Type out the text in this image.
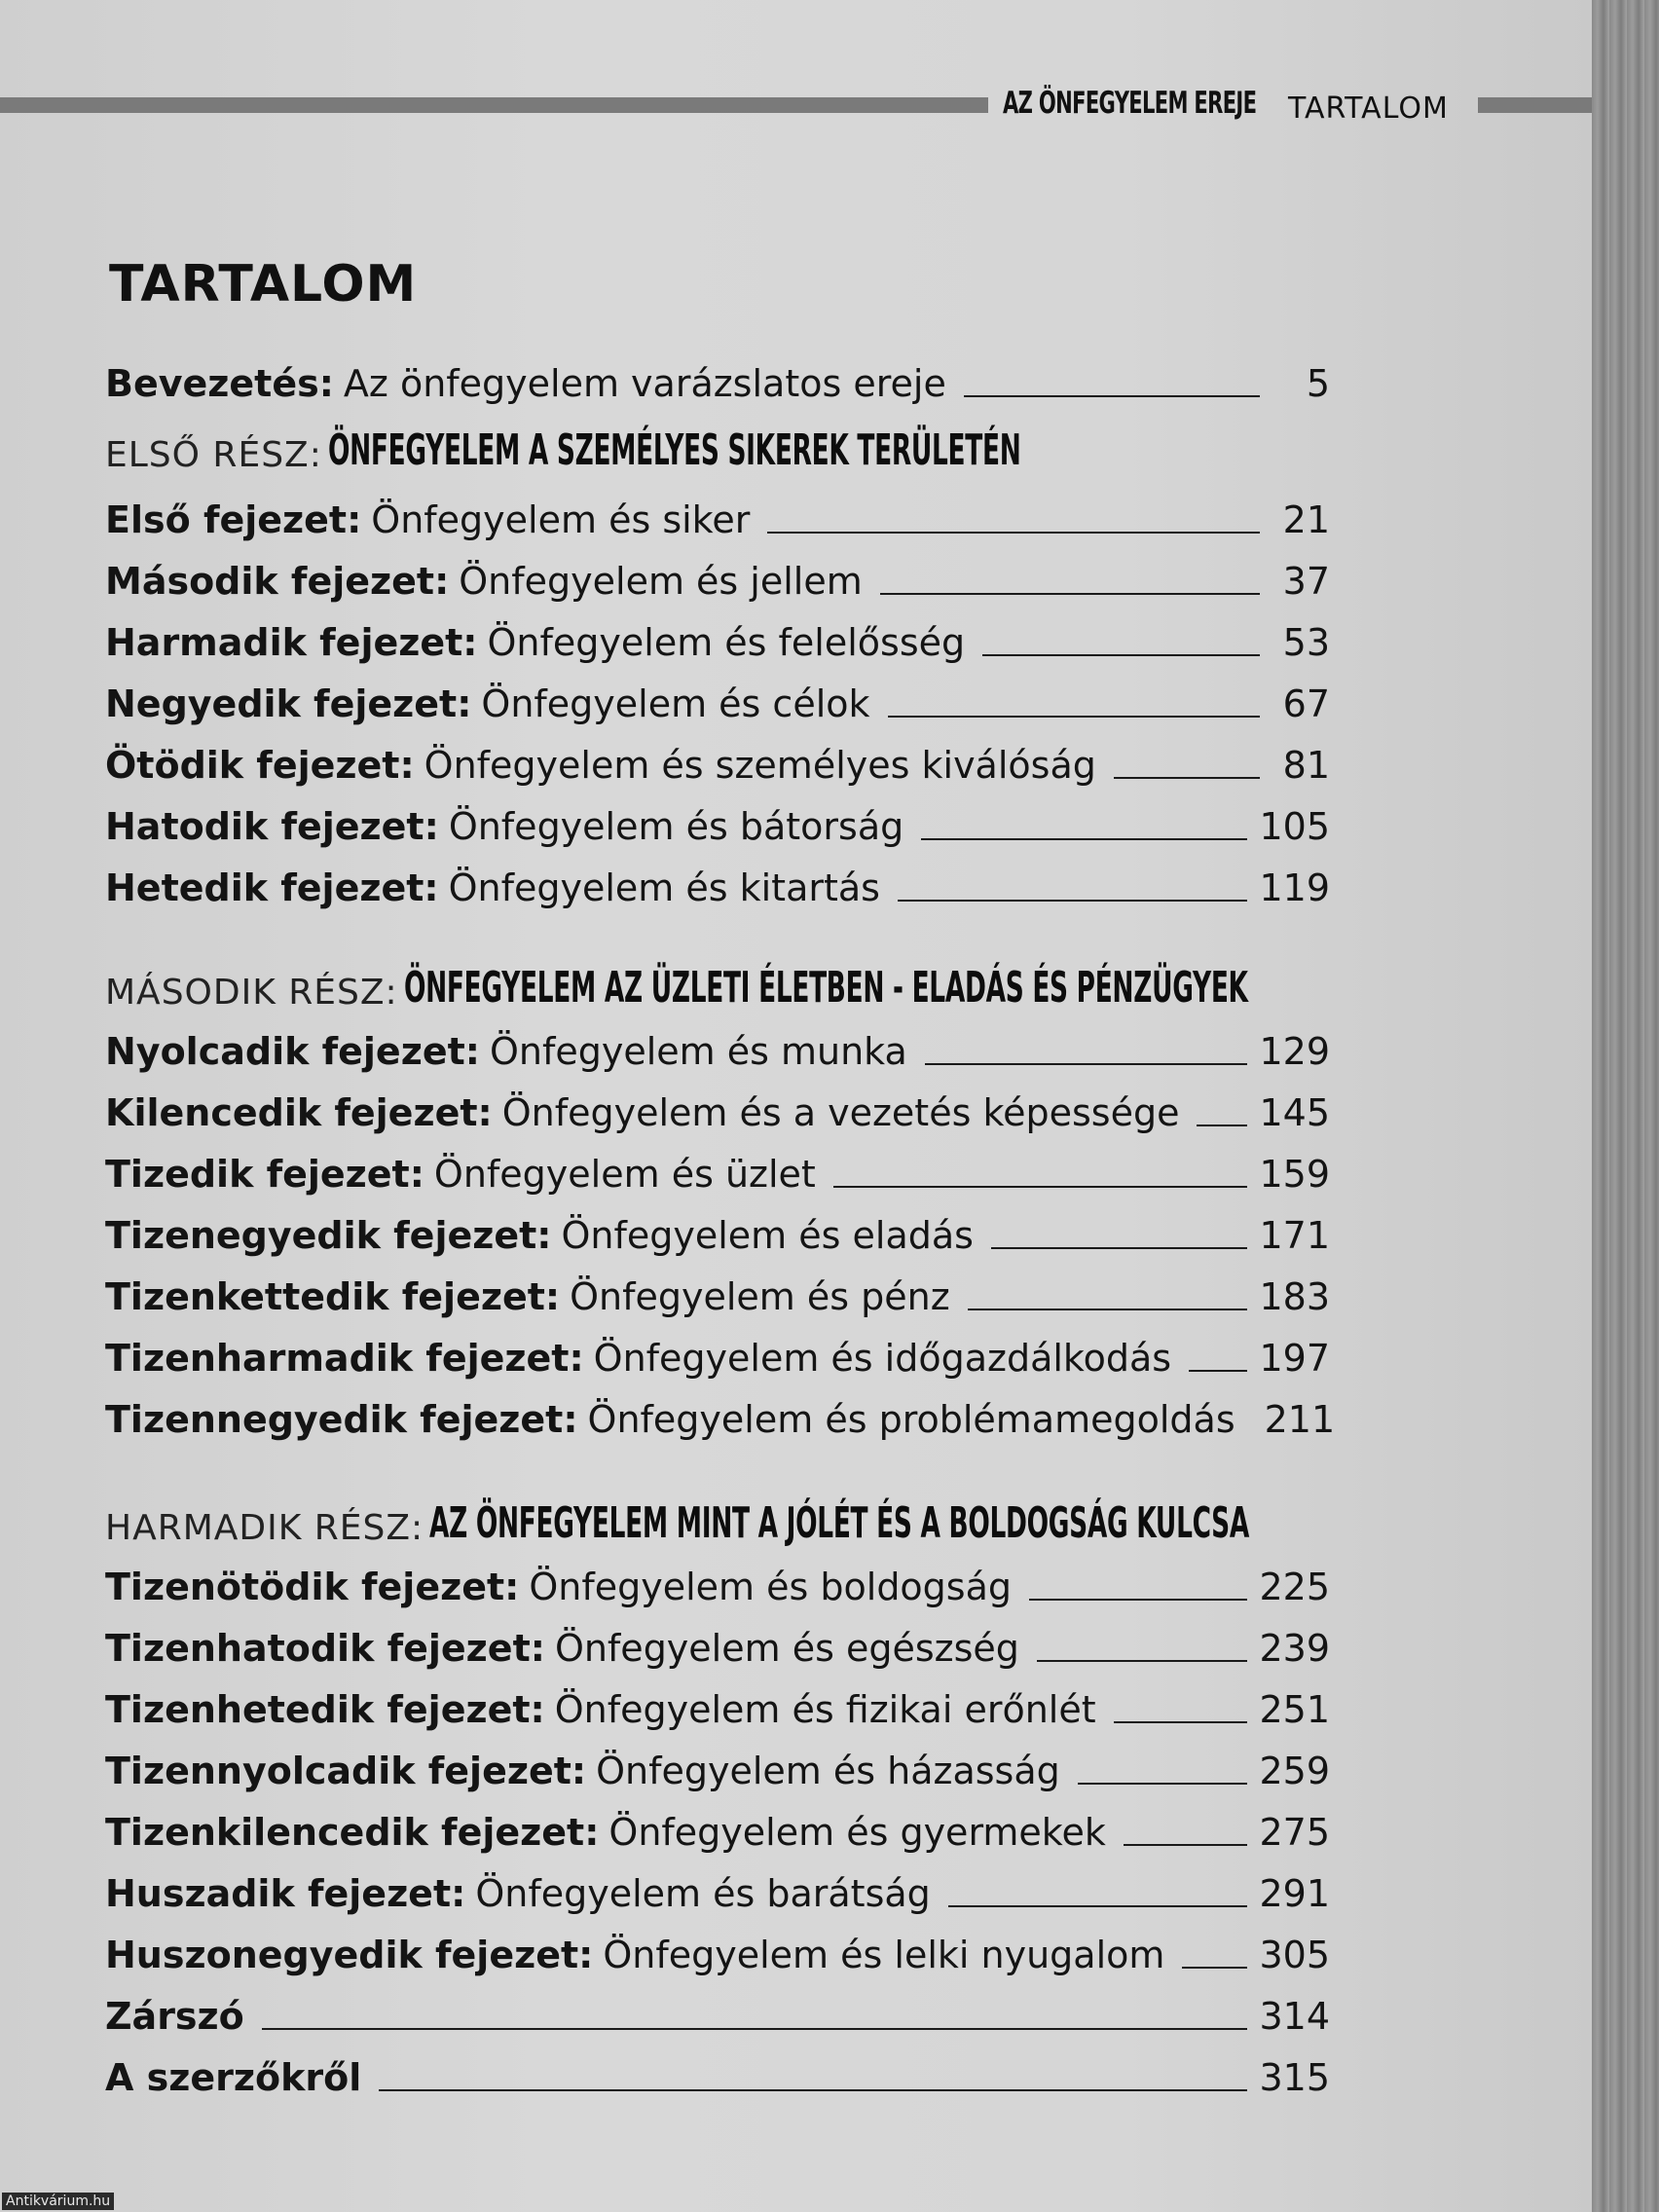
AZ ÖNFEGYELEM EREJE TARTALOM
TARTALOM
Bevezetés: Az önfegyelem varázslatos ereje	5
ELSŐ RÉSZ: ÖNFEGYELEM A SZEMÉLYES SIKEREK TERÜLETÉN
Első fejezet: Önfegyelem és siker	21
Második fejezet: Önfegyelem és jellem	37
Harmadik fejezet: Önfegyelem és felelősség	53
Negyedik fejezet: Önfegyelem és célok	67
Ötödik fejezet: Önfegyelem és személyes kiválóság	81
Hatodik fejezet: Önfegyelem és bátorság	105
Hetedik fejezet: Önfegyelem és kitartás	119
MÁSODIK RÉSZ: ÖNFEGYELEM AZ ÜZLETI ÉLETBEN - ELADÁS ÉS PÉNZÜGYEK
Nyolcadik fejezet: Önfegyelem és munka	129
Kilencedik fejezet: Önfegyelem és a vezetés képessége 145
Tizedik fejezet: Önfegyelem és üzlet	159
Tizenegyedik fejezet: Önfegyelem és eladás	171
Tizenkettedik fejezet: Önfegyelem és pénz	183
Tizenharmadik fejezet: Önfegyelem és időgazdálkodás 197
Tizennegyedik fejezet: Önfegyelem és problémamegoldás 211
HARMADIK RÉSZ: AZ ÖNFEGYELEM MINT A JÓLÉT ÉS A BOLDOGSÁG KULCSA
Tizenötödik fejezet: Önfegyelem és boldogság	225
Tizenhatodik fejezet: Önfegyelem és egészség	239
Tizenhetedik fejezet: Önfegyelem és fizikai erőnlét	251
Tizennyolcadik fejezet: Önfegyelem és házasság	259
Tizenkilencedik fejezet: Önfegyelem és gyermekek	275
Huszadik fejezet: Önfegyelem és barátság	291
Huszonegyedik fejezet: Önfegyelem és lelki nyugalom	305
Zárszó	314
A szerzőkről	315
Antikvárium.hu
